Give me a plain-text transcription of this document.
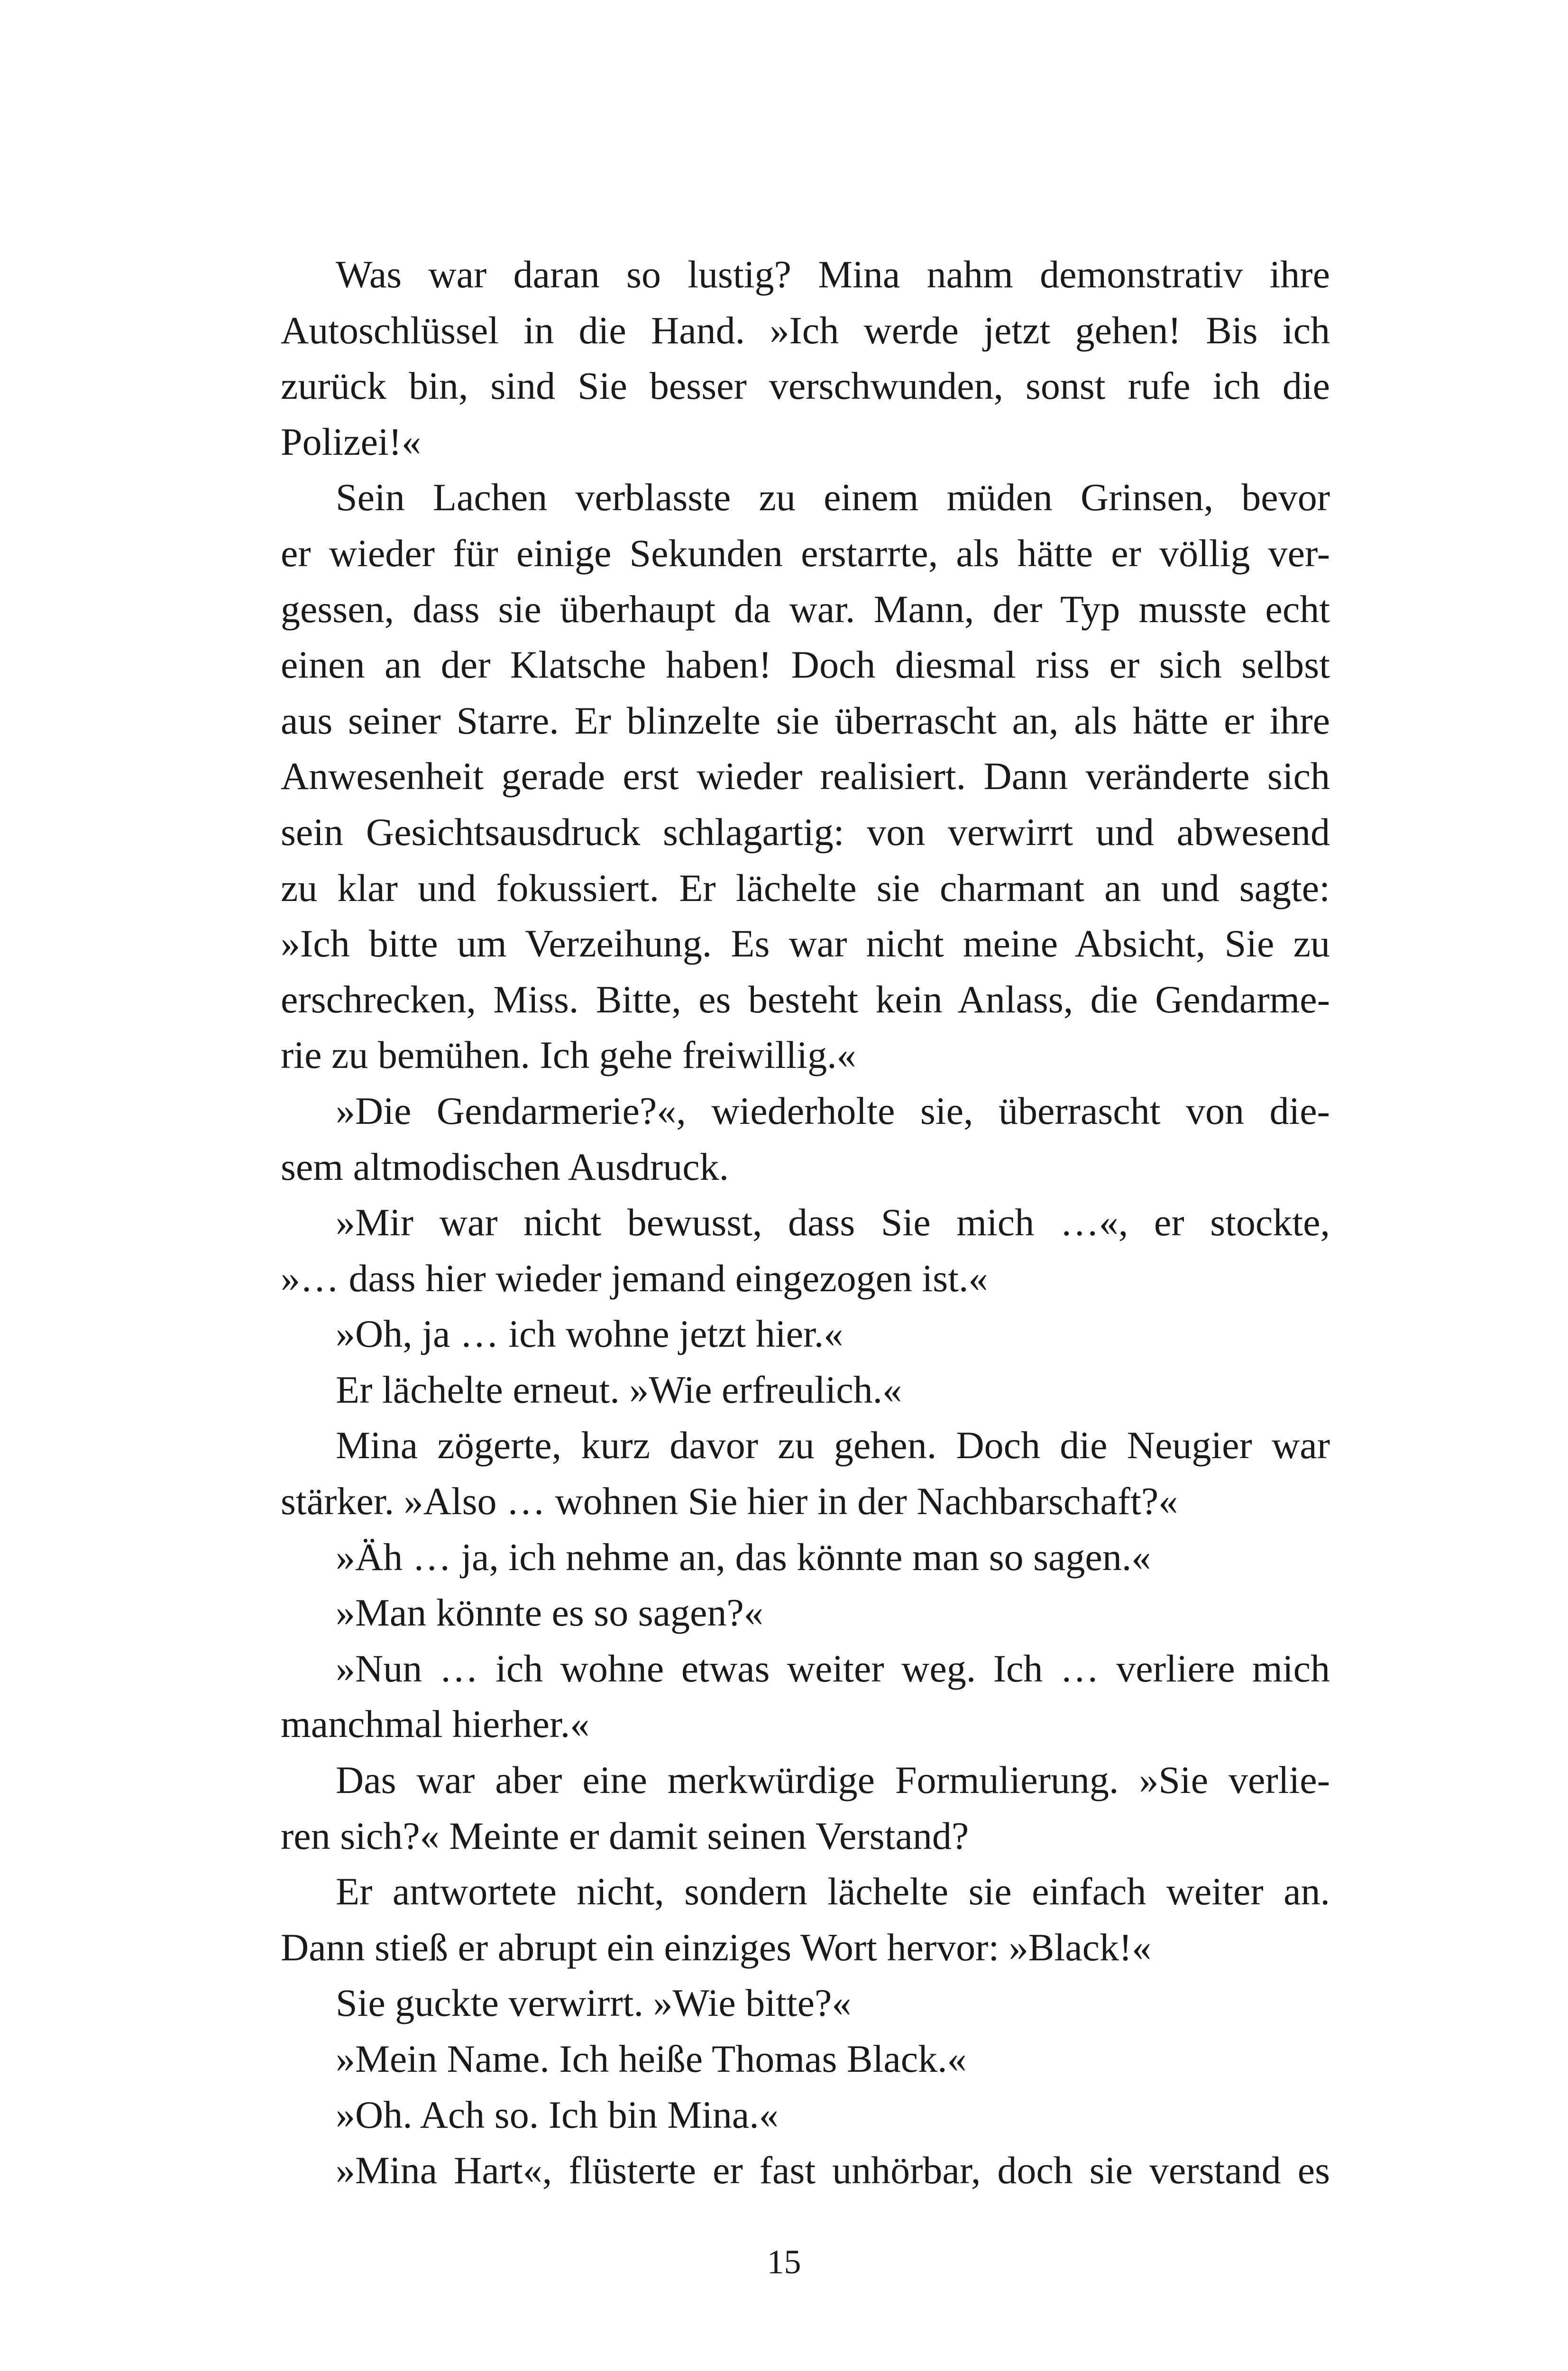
Was war daran so lustig? Mina nahm demonstrativ ihre
Autoschlüssel in die Hand. »Ich werde jetzt gehen! Bis ich
zurück bin, sind Sie besser verschwunden, sonst rufe ich die
Polizei!«
Sein Lachen verblasste zu einem müden Grinsen, bevor
er wieder für einige Sekunden erstarrte, als hätte er völlig ver-
gessen, dass sie überhaupt da war. Mann, der Typ musste echt
einen an der Klatsche haben! Doch diesmal riss er sich selbst
aus seiner Starre. Er blinzelte sie überrascht an, als hätte er ihre
Anwesenheit gerade erst wieder realisiert. Dann veränderte sich
sein Gesichtsausdruck schlagartig: von verwirrt und abwesend
zu klar und fokussiert. Er lächelte sie charmant an und sagte:
»Ich bitte um Verzeihung. Es war nicht meine Absicht, Sie zu
erschrecken, Miss. Bitte, es besteht kein Anlass, die Gendarme-
rie zu bemühen. Ich gehe freiwillig.«
»Die Gendarmerie?«, wiederholte sie, überrascht von die-
sem altmodischen Ausdruck.
»Mir war nicht bewusst, dass Sie mich …«, er stockte,
»… dass hier wieder jemand eingezogen ist.«
»Oh, ja … ich wohne jetzt hier.«
Er lächelte erneut. »Wie erfreulich.«
Mina zögerte, kurz davor zu gehen. Doch die Neugier war
stärker. »Also … wohnen Sie hier in der Nachbarschaft?«
»Äh … ja, ich nehme an, das könnte man so sagen.«
»Man könnte es so sagen?«
»Nun … ich wohne etwas weiter weg. Ich … verliere mich
manchmal hierher.«
Das war aber eine merkwürdige Formulierung. »Sie verlie-
ren sich?« Meinte er damit seinen Verstand?
Er antwortete nicht, sondern lächelte sie einfach weiter an.
Dann stieß er abrupt ein einziges Wort hervor: »Black!«
Sie guckte verwirrt. »Wie bitte?«
»Mein Name. Ich heiße Thomas Black.«
»Oh. Ach so. Ich bin Mina.«
»Mina Hart«, flüsterte er fast unhörbar, doch sie verstand es
15
